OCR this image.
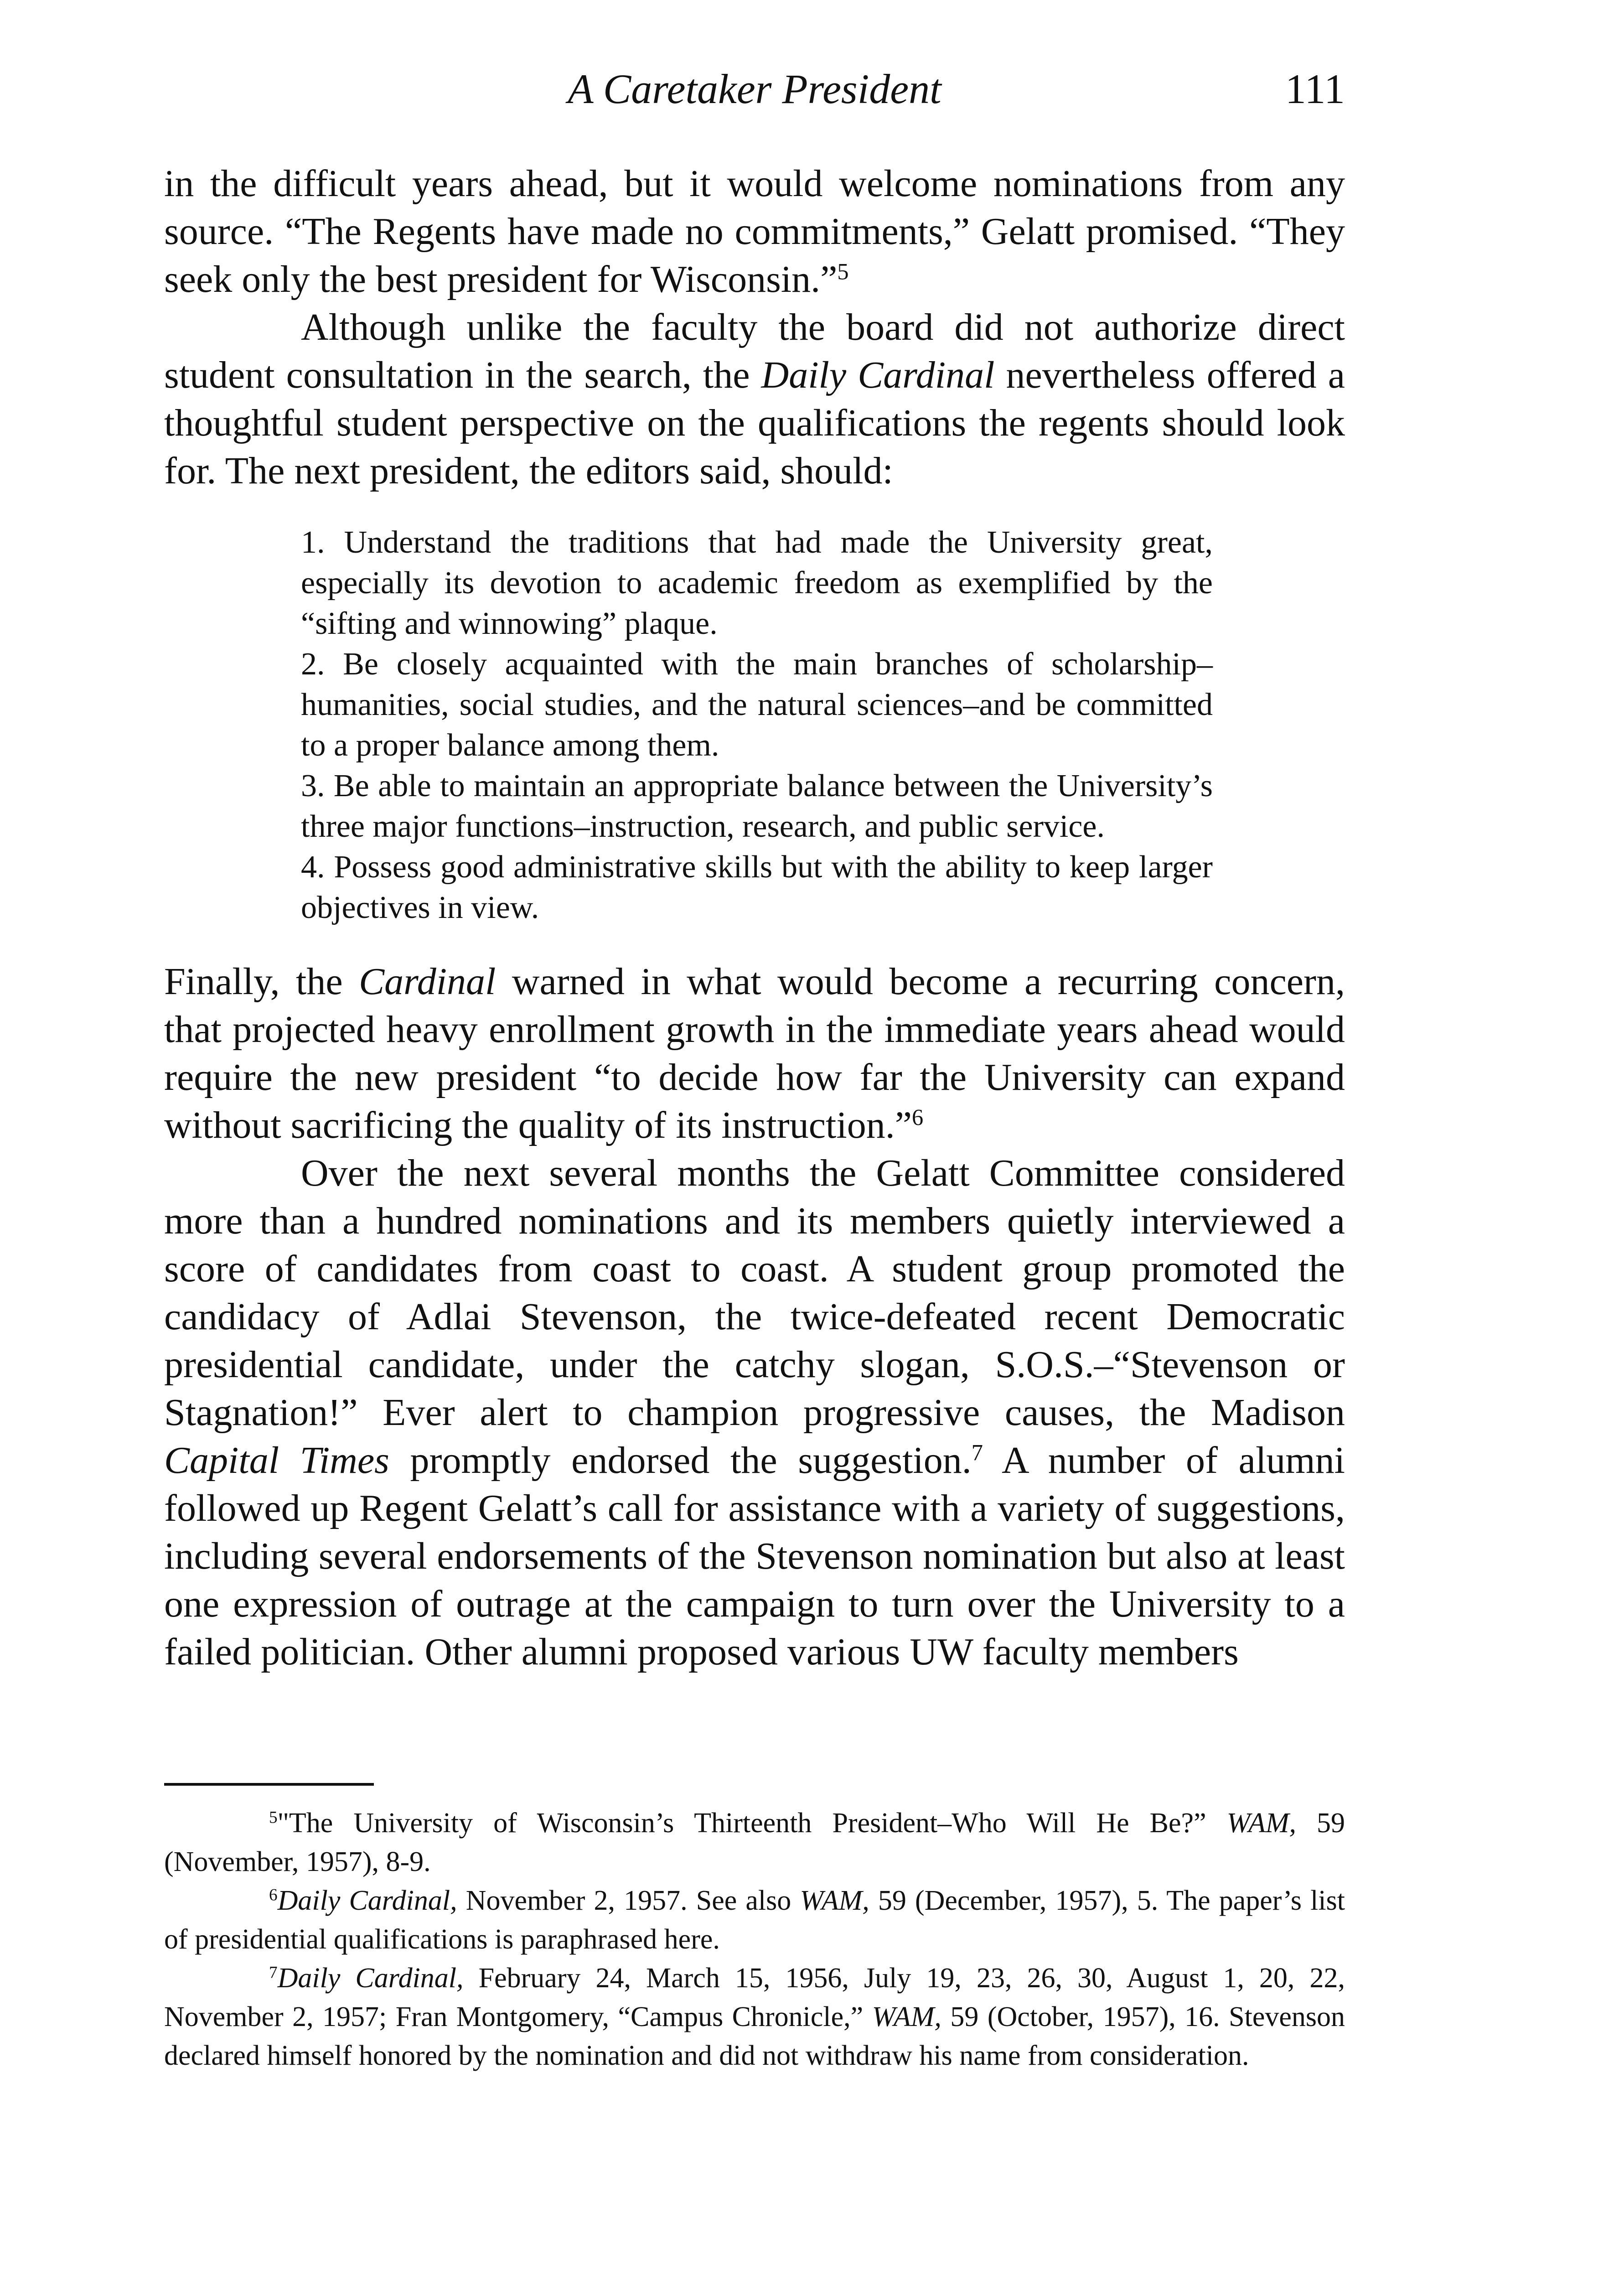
A Caretaker President	111

in the difficult years ahead, but it would welcome nominations from any source. “The Regents have made no commitments,” Gelatt promised. “They seek only the best president for Wisconsin.”$^5$

Although unlike the faculty the board did not authorize direct student consultation in the search, the Daily Cardinal nevertheless offered a thoughtful student perspective on the qualifications the regents should look for. The next president, the editors said, should:

1. Understand the traditions that had made the University great, especially its devotion to academic freedom as exemplified by the “sifting and winnowing” plaque.

2. Be closely acquainted with the main branches of scholarship–humanities, social studies, and the natural sciences–and be committed to a proper balance among them.

3. Be able to maintain an appropriate balance between the University’s three major functions–instruction, research, and public service.

4. Possess good administrative skills but with the ability to keep larger objectives in view.

Finally, the Cardinal warned in what would become a recurring concern, that projected heavy enrollment growth in the immediate years ahead would require the new president “to decide how far the University can expand without sacrificing the quality of its instruction.”$^6$

Over the next several months the Gelatt Committee considered more than a hundred nominations and its members quietly interviewed a score of candidates from coast to coast. A student group promoted the candidacy of Adlai Stevenson, the twice-defeated recent Democratic presidential candidate, under the catchy slogan, S.O.S.–“Stevenson or Stagnation!” Ever alert to champion progressive causes, the Madison Capital Times promptly endorsed the suggestion.$^7$ A number of alumni followed up Regent Gelatt’s call for assistance with a variety of suggestions, including several endorsements of the Stevenson nomination but also at least one expression of outrage at the campaign to turn over the University to a failed politician. Other alumni proposed various UW faculty members

$^5$"The University of Wisconsin’s Thirteenth President–Who Will He Be?” WAM, 59 (November, 1957), 8-9.

$^6$Daily Cardinal, November 2, 1957. See also WAM, 59 (December, 1957), 5. The paper’s list of presidential qualifications is paraphrased here.

$^7$Daily Cardinal, February 24, March 15, 1956, July 19, 23, 26, 30, August 1, 20, 22, November 2, 1957; Fran Montgomery, “Campus Chronicle,” WAM, 59 (October, 1957), 16. Stevenson declared himself honored by the nomination and did not withdraw his name from consideration.
